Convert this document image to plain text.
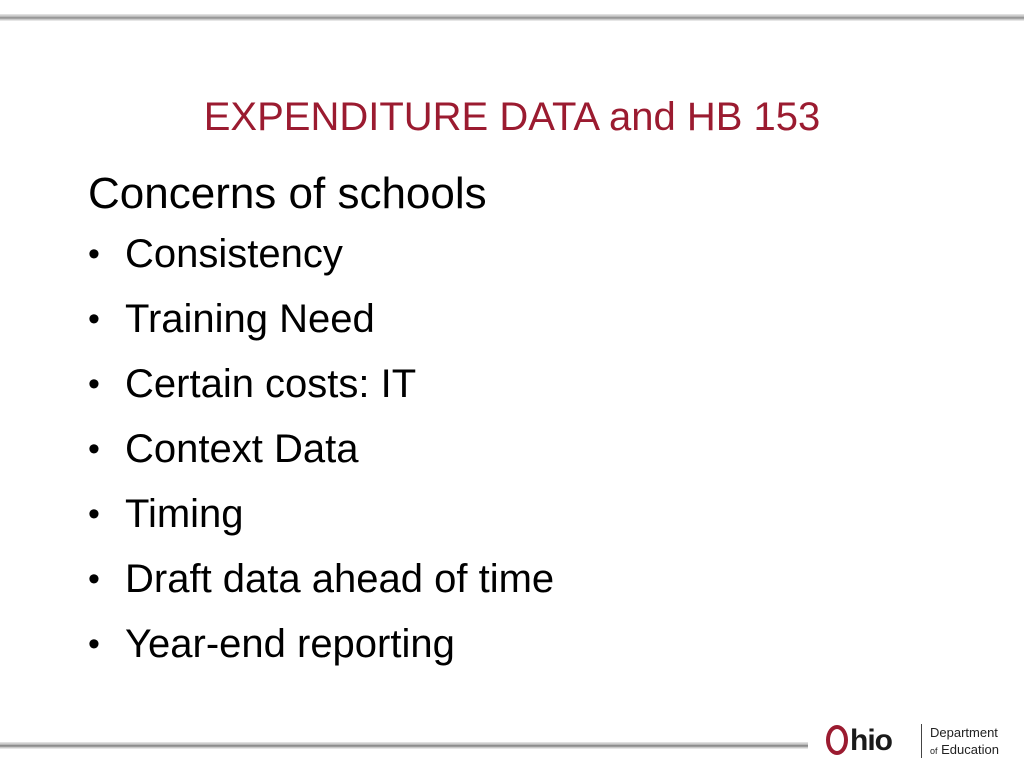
EXPENDITURE DATA and HB 153
Concerns of schools
• Consistency
• Training Need
• Certain costs: IT
• Context Data
• Timing
• Draft data ahead of time
• Year-end reporting
hio	Department
of Education
